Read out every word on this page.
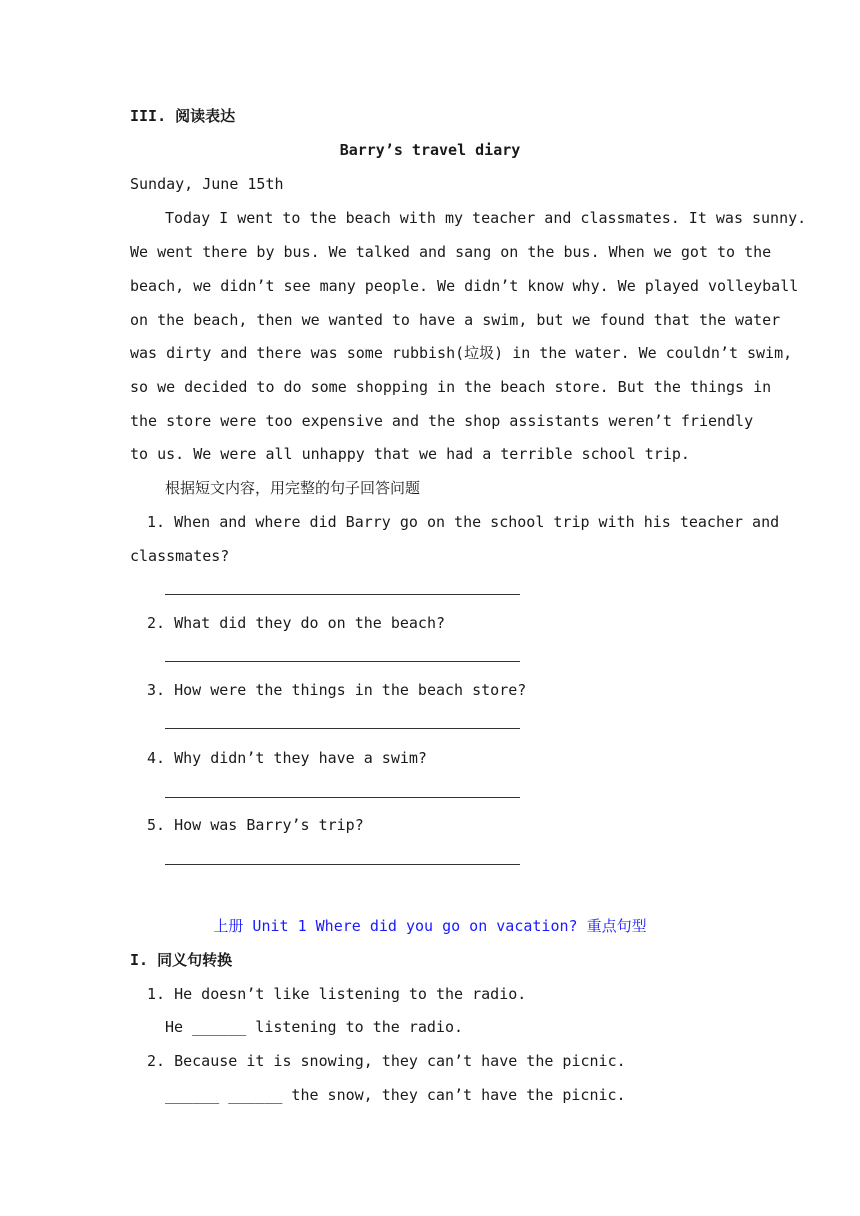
III. 阅读表达
Barry’s travel diary
Sunday, June 15th
Today I went to the beach with my teacher and classmates. It was sunny.
We went there by bus. We talked and sang on the bus. When we got to the
beach, we didn’t see many people. We didn’t know why. We played volleyball
on the beach, then we wanted to have a swim, but we found that the water
was dirty and there was some rubbish(垃圾) in the water. We couldn’t swim,
so we decided to do some shopping in the beach store. But the things in
the store were too expensive and the shop assistants weren’t friendly
to us. We were all unhappy that we had a terrible school trip.
根据短文内容，用完整的句子回答问题
1. When and where did Barry go on the school trip with his teacher and
classmates?
2. What did they do on the beach?
3. How were the things in the beach store?
4. Why didn’t they have a swim?
5. How was Barry’s trip?
上册 Unit 1 Where did you go on vacation? 重点句型
I. 同义句转换
1. He doesn’t like listening to the radio.
He ______ listening to the radio.
2. Because it is snowing, they can’t have the picnic.
______ ______ the snow, they can’t have the picnic.
